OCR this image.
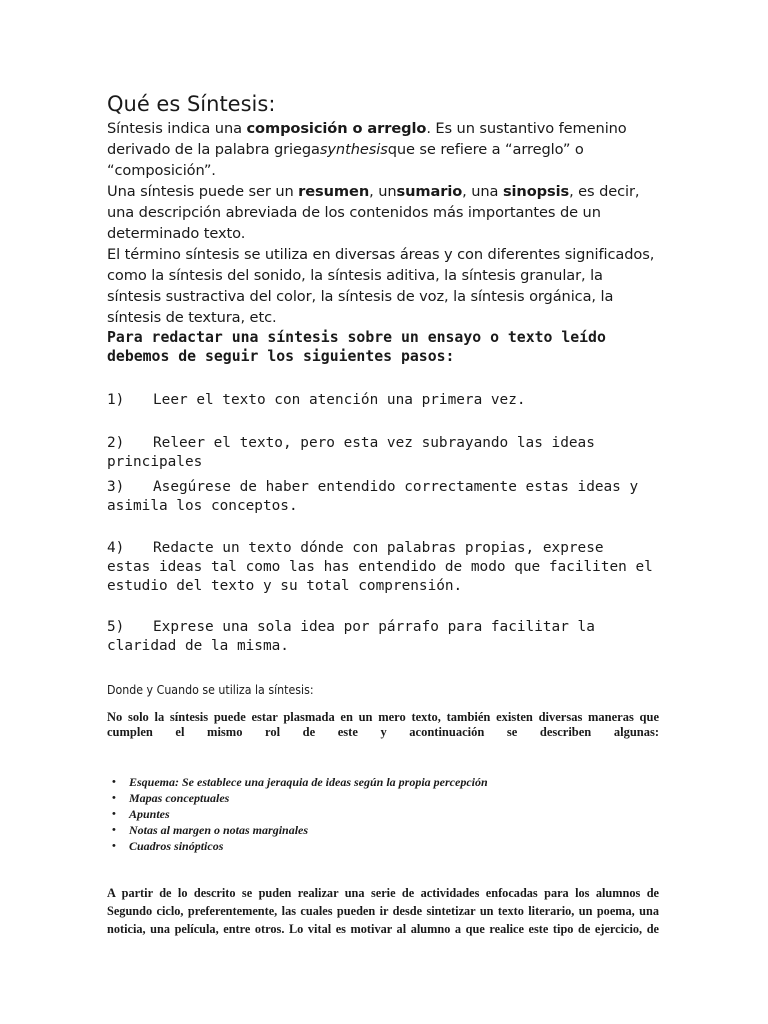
Qué es Síntesis:

Síntesis indica una composición o arreglo. Es un sustantivo femenino derivado de la palabra griegasynthesisque se refiere a “arreglo” o “composición”.

Una síntesis puede ser un resumen, unsumario, una sinopsis, es decir, una descripción abreviada de los contenidos más importantes de un determinado texto.

El término síntesis se utiliza en diversas áreas y con diferentes significados, como la síntesis del sonido, la síntesis aditiva, la síntesis granular, la síntesis sustractiva del color, la síntesis de voz, la síntesis orgánica, la síntesis de textura, etc.

Para redactar una síntesis sobre un ensayo o texto leído debemos de seguir los siguientes pasos:

1) Leer el texto con atención una primera vez.
2) Releer el texto, pero esta vez subrayando las ideas principales
3) Asegúrese de haber entendido correctamente estas ideas y asimila los conceptos.
4) Redacte un texto dónde con palabras propias, exprese estas ideas tal como las has entendido de modo que faciliten el estudio del texto y su total comprensión.
5) Exprese una sola idea por párrafo para facilitar la claridad de la misma.
Donde y Cuando se utiliza la síntesis:
No solo la síntesis puede estar plasmada en un mero texto, también existen diversas maneras que cumplen el mismo rol de este y acontinuación se describen algunas:
• Esquema: Se establece una jeraquia de ideas según la propia percepción
• Mapas conceptuales
• Apuntes
• Notas al margen o notas marginales
• Cuadros sinópticos
A partir de lo descrito se puden realizar una serie de actividades enfocadas para los alumnos de
Segundo ciclo, preferentemente, las cuales pueden ir desde sintetizar un texto literario, un poema, una
noticia, una película, entre otros. Lo vital es motivar al alumno a que realice este tipo de ejercicio, de
